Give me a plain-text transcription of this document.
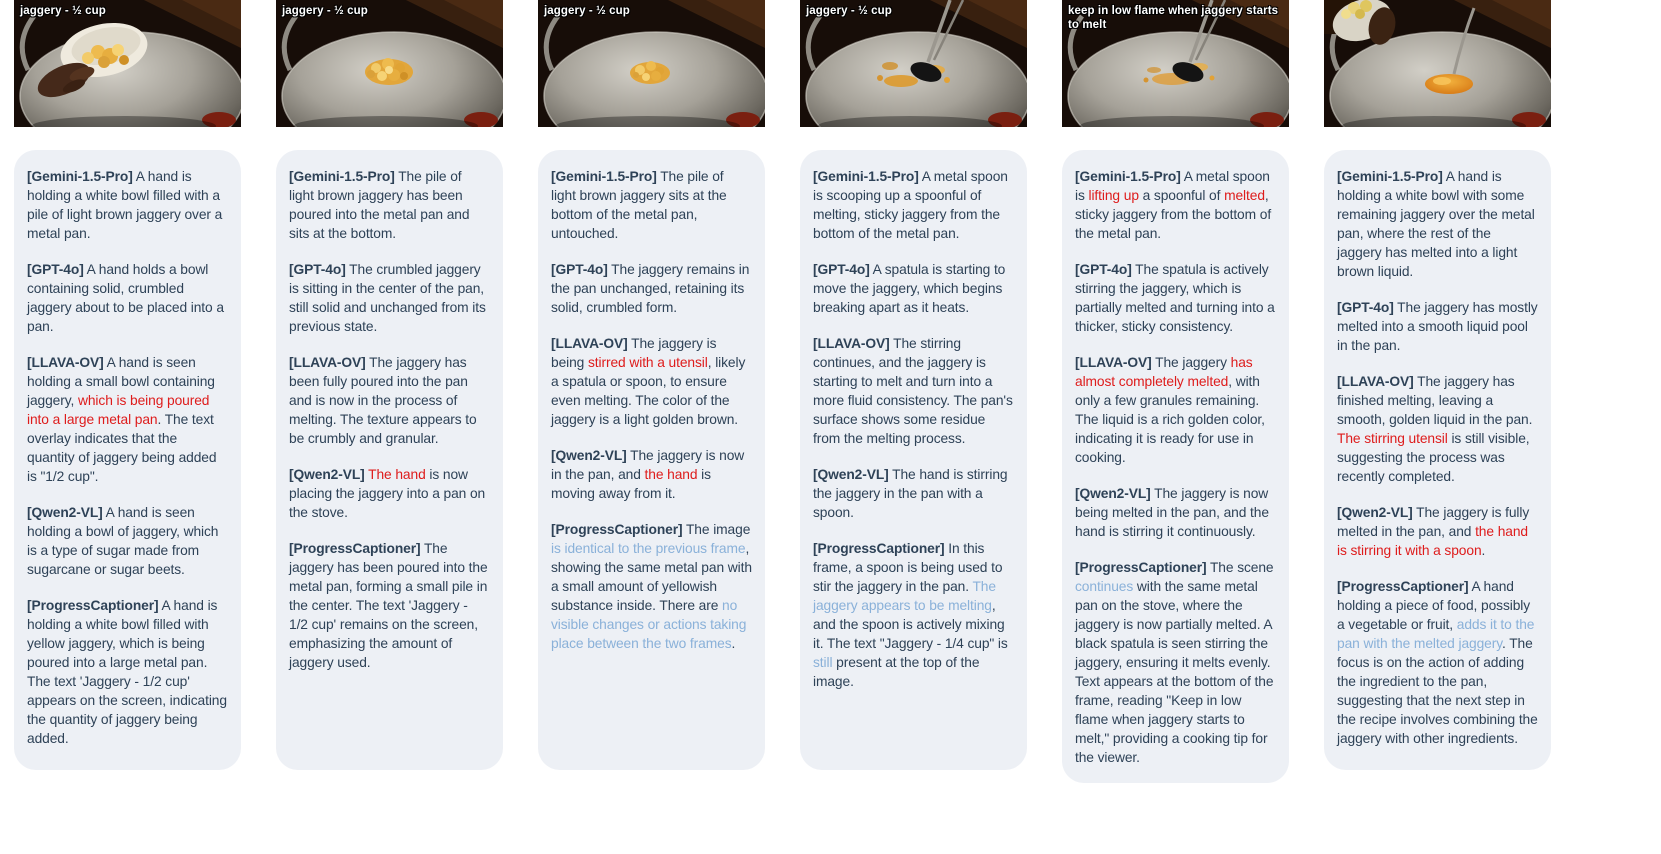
jaggery - ½ cup

[Gemini-1.5-Pro] A hand is holding a white bowl filled with a pile of light brown jaggery over a metal pan.

[GPT-4o] A hand holds a bowl containing solid, crumbled jaggery about to be placed into a pan.

[LLAVA-OV] A hand is seen holding a small bowl containing jaggery, which is being poured into a large metal pan. The text overlay indicates that the quantity of jaggery being added is "1/2 cup".

[Qwen2-VL] A hand is seen holding a bowl of jaggery, which is a type of sugar made from sugarcane or sugar beets.

[ProgressCaptioner] A hand is holding a white bowl filled with yellow jaggery, which is being poured into a large metal pan. The text 'Jaggery - 1/2 cup' appears on the screen, indicating the quantity of jaggery being added.

jaggery - ½ cup

[Gemini-1.5-Pro] The pile of light brown jaggery has been poured into the metal pan and sits at the bottom.

[GPT-4o] The crumbled jaggery is sitting in the center of the pan, still solid and unchanged from its previous state.

[LLAVA-OV] The jaggery has been fully poured into the pan and is now in the process of melting. The texture appears to be crumbly and granular.

[Qwen2-VL] The hand is now placing the jaggery into a pan on the stove.

[ProgressCaptioner] The jaggery has been poured into the metal pan, forming a small pile in the center. The text 'Jaggery - 1/2 cup' remains on the screen, emphasizing the amount of jaggery used.

jaggery - ½ cup

[Gemini-1.5-Pro] The pile of light brown jaggery sits at the bottom of the metal pan, untouched.

[GPT-4o] The jaggery remains in the pan unchanged, retaining its solid, crumbled form.

[LLAVA-OV] The jaggery is being stirred with a utensil, likely a spatula or spoon, to ensure even melting. The color of the jaggery is a light golden brown.

[Qwen2-VL] The jaggery is now in the pan, and the hand is moving away from it.

[ProgressCaptioner] The image is identical to the previous frame, showing the same metal pan with a small amount of yellowish substance inside. There are no visible changes or actions taking place between the two frames.

jaggery - ½ cup

[Gemini-1.5-Pro] A metal spoon is scooping up a spoonful of melting, sticky jaggery from the bottom of the metal pan.

[GPT-4o] A spatula is starting to move the jaggery, which begins breaking apart as it heats.

[LLAVA-OV] The stirring continues, and the jaggery is starting to melt and turn into a more fluid consistency. The pan's surface shows some residue from the melting process.

[Qwen2-VL] The hand is stirring the jaggery in the pan with a spoon.

[ProgressCaptioner] In this frame, a spoon is being used to stir the jaggery in the pan. The jaggery appears to be melting, and the spoon is actively mixing it. The text "Jaggery - 1/4 cup" is still present at the top of the image.

keep in low flame when jaggery starts to melt

[Gemini-1.5-Pro] A metal spoon is lifting up a spoonful of melted, sticky jaggery from the bottom of the metal pan.

[GPT-4o] The spatula is actively stirring the jaggery, which is partially melted and turning into a thicker, sticky consistency.

[LLAVA-OV] The jaggery has almost completely melted, with only a few granules remaining. The liquid is a rich golden color, indicating it is ready for use in cooking.

[Qwen2-VL] The jaggery is now being melted in the pan, and the hand is stirring it continuously.

[ProgressCaptioner] The scene continues with the same metal pan on the stove, where the jaggery is now partially melted. A black spatula is seen stirring the jaggery, ensuring it melts evenly. Text appears at the bottom of the frame, reading "Keep in low flame when jaggery starts to melt," providing a cooking tip for the viewer.

[Gemini-1.5-Pro] A hand is holding a white bowl with some remaining jaggery over the metal pan, where the rest of the jaggery has melted into a light brown liquid.

[GPT-4o] The jaggery has mostly melted into a smooth liquid pool in the pan.

[LLAVA-OV] The jaggery has finished melting, leaving a smooth, golden liquid in the pan. The stirring utensil is still visible, suggesting the process was recently completed.

[Qwen2-VL] The jaggery is fully melted in the pan, and the hand is stirring it with a spoon.

[ProgressCaptioner] A hand holding a piece of food, possibly a vegetable or fruit, adds it to the pan with the melted jaggery. The focus is on the action of adding the ingredient to the pan, suggesting that the next step in the recipe involves combining the jaggery with other ingredients.
